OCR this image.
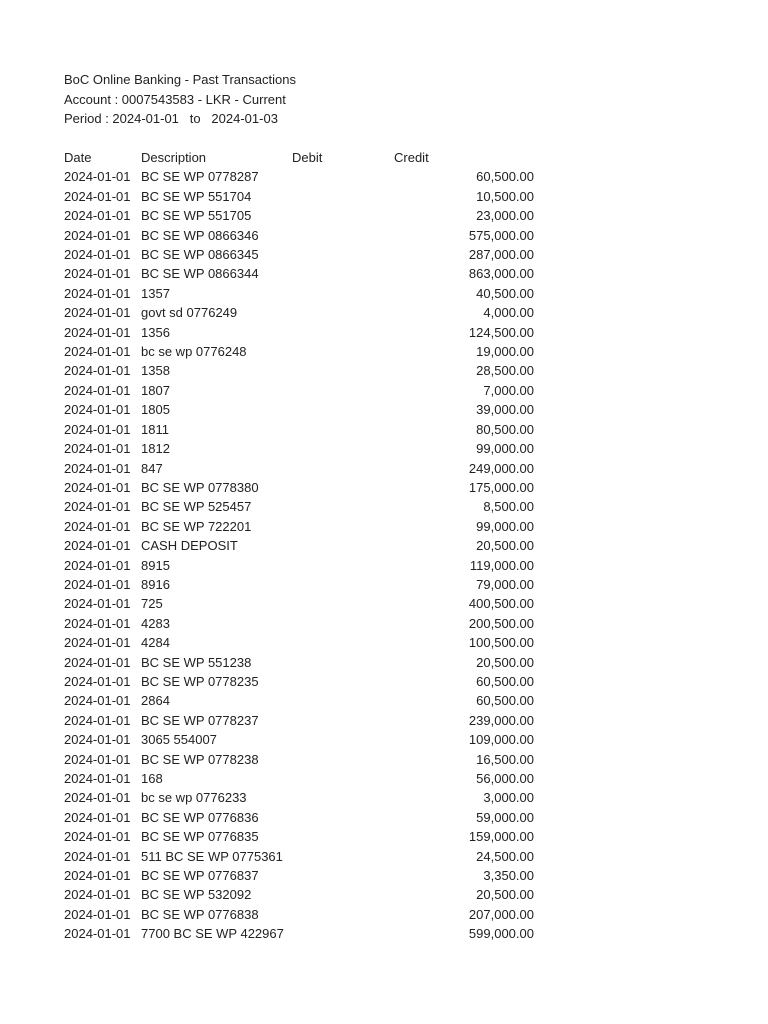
BoC Online Banking - Past Transactions
Account : 0007543583 - LKR - Current
Period : 2024-01-01   to   2024-01-03
Date	Description	Debit	Credit
2024-01-01	BC SE WP 0778287		60,500.00
2024-01-01	BC SE WP 551704		10,500.00
2024-01-01	BC SE WP 551705		23,000.00
2024-01-01	BC SE WP 0866346		575,000.00
2024-01-01	BC SE WP 0866345		287,000.00
2024-01-01	BC SE WP 0866344		863,000.00
2024-01-01	1357		40,500.00
2024-01-01	govt sd 0776249		4,000.00
2024-01-01	1356		124,500.00
2024-01-01	bc se wp 0776248		19,000.00
2024-01-01	1358		28,500.00
2024-01-01	1807		7,000.00
2024-01-01	1805		39,000.00
2024-01-01	1811		80,500.00
2024-01-01	1812		99,000.00
2024-01-01	847		249,000.00
2024-01-01	BC SE WP 0778380		175,000.00
2024-01-01	BC SE WP 525457		8,500.00
2024-01-01	BC SE WP 722201		99,000.00
2024-01-01	CASH DEPOSIT		20,500.00
2024-01-01	8915		119,000.00
2024-01-01	8916		79,000.00
2024-01-01	725		400,500.00
2024-01-01	4283		200,500.00
2024-01-01	4284		100,500.00
2024-01-01	BC SE WP 551238		20,500.00
2024-01-01	BC SE WP 0778235		60,500.00
2024-01-01	2864		60,500.00
2024-01-01	BC SE WP 0778237		239,000.00
2024-01-01	3065 554007		109,000.00
2024-01-01	BC SE WP 0778238		16,500.00
2024-01-01	168		56,000.00
2024-01-01	bc se wp 0776233		3,000.00
2024-01-01	BC SE WP 0776836		59,000.00
2024-01-01	BC SE WP 0776835		159,000.00
2024-01-01	511 BC SE WP 0775361		24,500.00
2024-01-01	BC SE WP 0776837		3,350.00
2024-01-01	BC SE WP 532092		20,500.00
2024-01-01	BC SE WP 0776838		207,000.00
2024-01-01	7700 BC SE WP 422967		599,000.00
